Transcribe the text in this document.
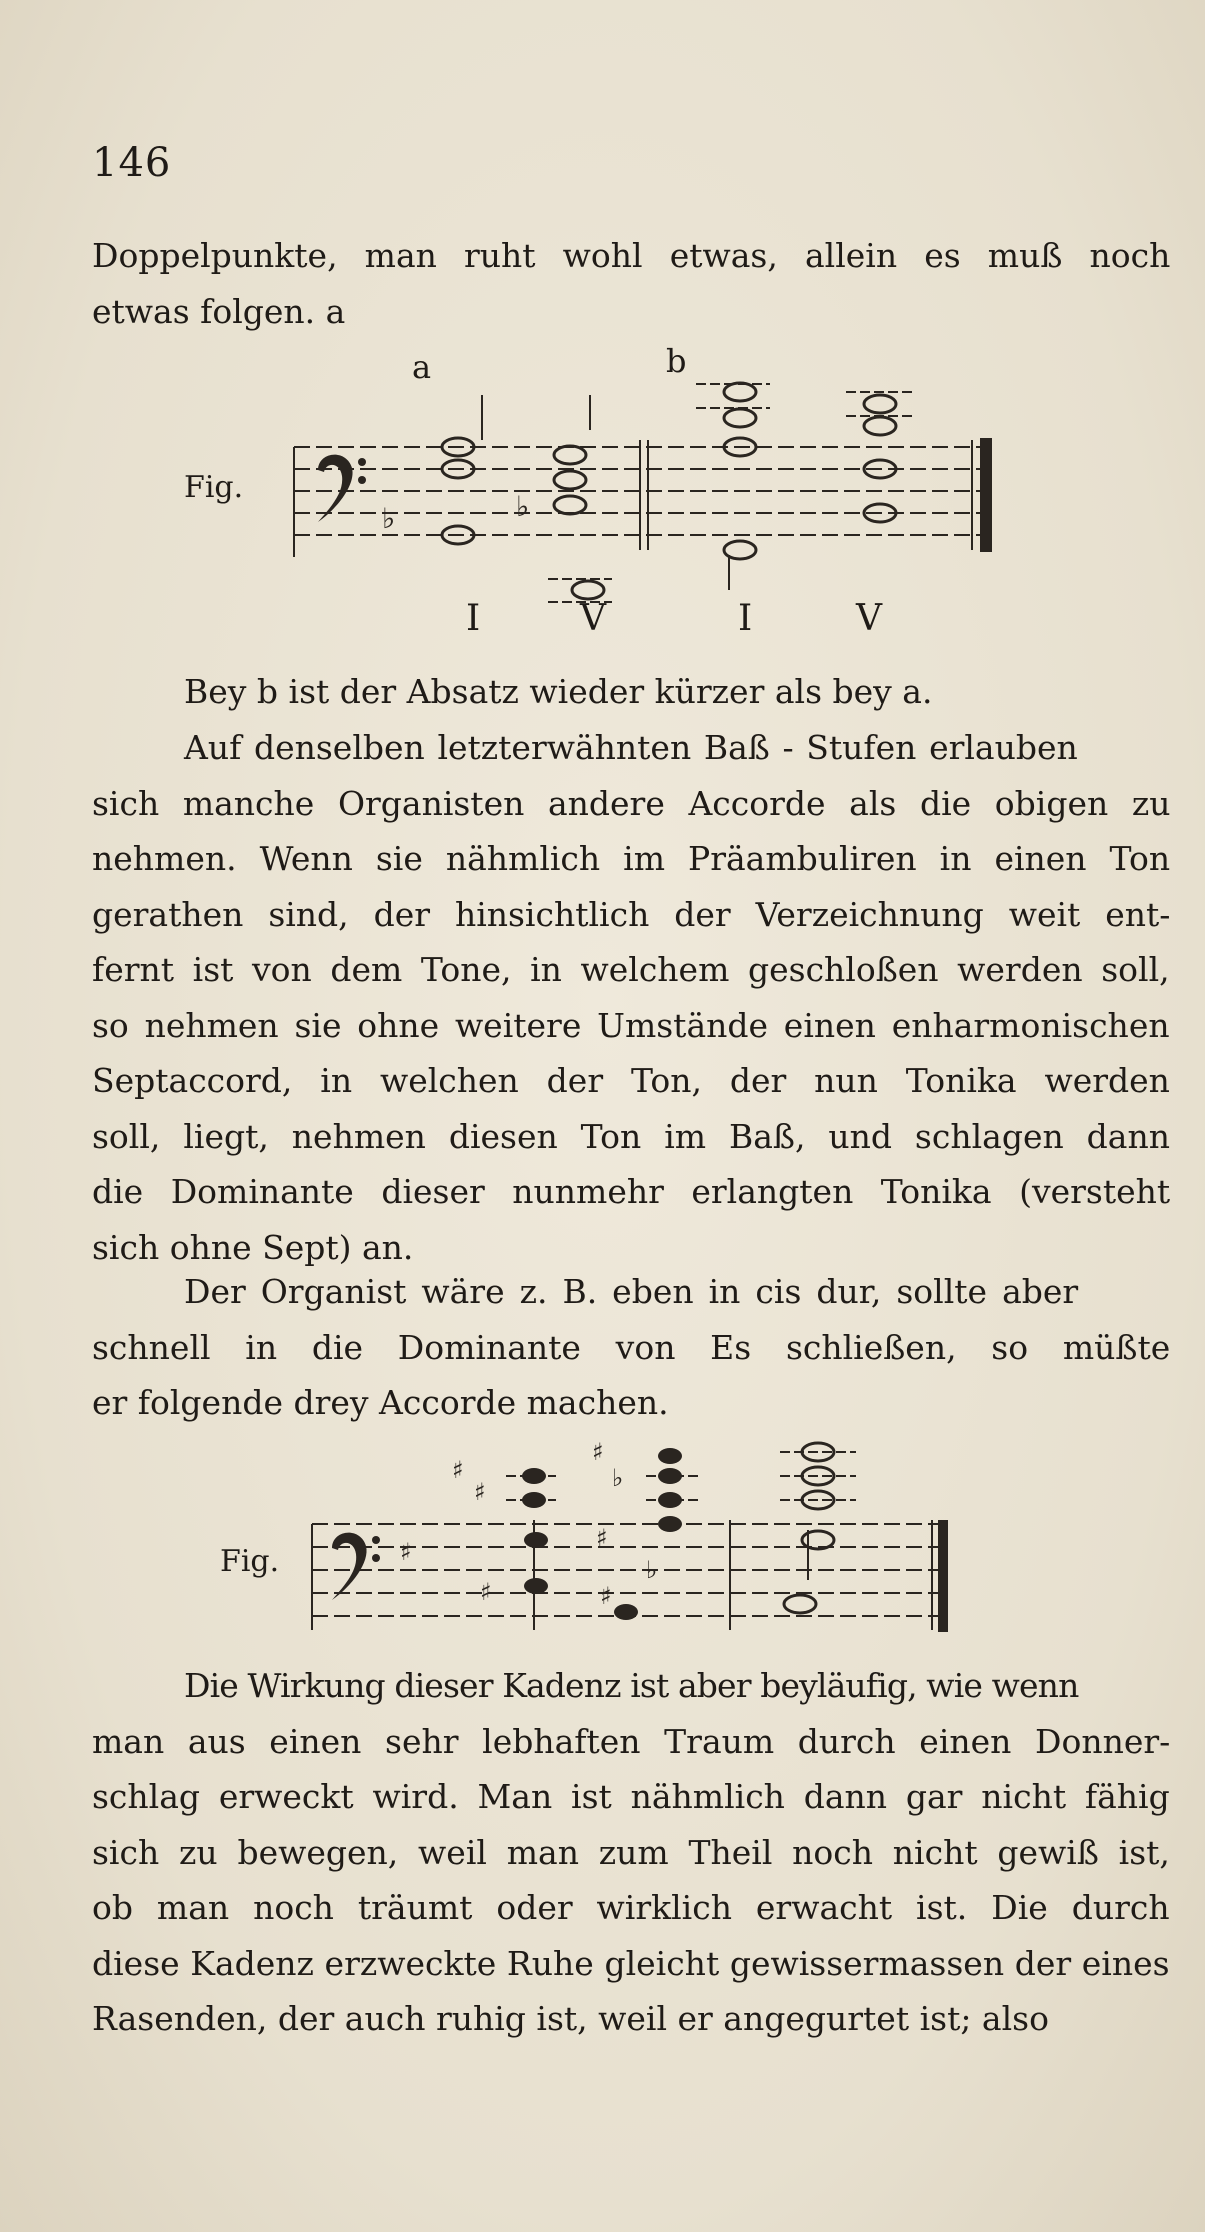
146
Doppelpunkte, man ruht wohl etwas, allein es muß noch
etwas folgen. a
Fig.
a	b
♭	♭
I	V	I	V
Bey b ist der Absatz wieder kürzer als bey a.
Auf denselben letzterwähnten Baß - Stufen erlauben
sich manche Organisten andere Accorde als die obigen zu
nehmen. Wenn sie nähmlich im Präambuliren in einen Ton
gerathen sind, der hinsichtlich der Verzeichnung weit ent-
fernt ist von dem Tone, in welchem geschloßen werden soll,
so nehmen sie ohne weitere Umstände einen enharmonischen
Septaccord, in welchen der Ton, der nun Tonika werden
soll, liegt, nehmen diesen Ton im Baß, und schlagen dann
die Dominante dieser nunmehr erlangten Tonika (versteht
sich ohne Sept) an.
Der Organist wäre z. B. eben in cis dur, sollte aber
schnell in die Dominante von Es schließen, so müßte
er folgende drey Accorde machen.
Fig.
♯
♯
♯
♯
♯
♭
♯
♯
♭
Die Wirkung dieser Kadenz ist aber beyläufig, wie wenn
man aus einen sehr lebhaften Traum durch einen Donner-
schlag erweckt wird. Man ist nähmlich dann gar nicht fähig
sich zu bewegen, weil man zum Theil noch nicht gewiß ist,
ob man noch träumt oder wirklich erwacht ist. Die durch
diese Kadenz erzweckte Ruhe gleicht gewissermassen der eines
Rasenden, der auch ruhig ist, weil er angegurtet ist; also
